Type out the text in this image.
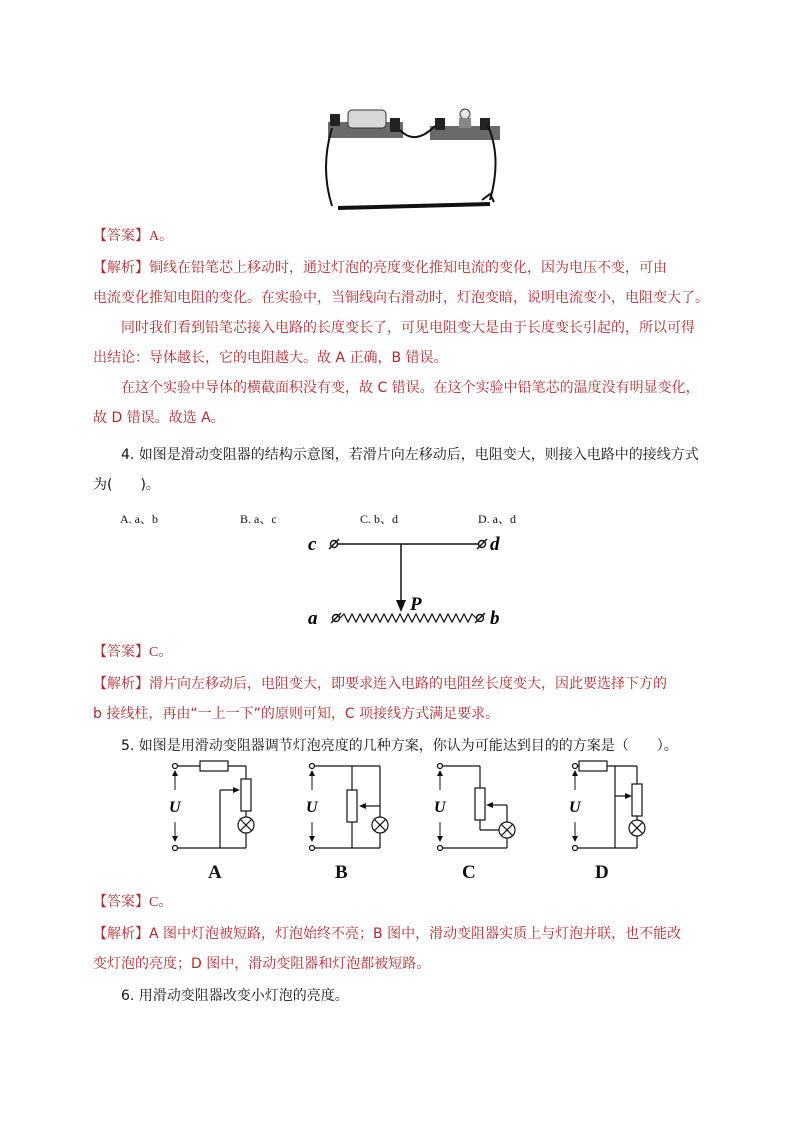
【答案】A。
【解析】铜线在铅笔芯上移动时，通过灯泡的亮度变化推知电流的变化，因为电压不变，可由
电流变化推知电阻的变化。在实验中，当铜线向右滑动时，灯泡变暗，说明电流变小，电阻变大了。
同时我们看到铅笔芯接入电路的长度变长了，可见电阻变大是由于长度变长引起的，所以可得
出结论：导体越长，它的电阻越大。故 A 正确，B 错误。
在这个实验中导体的横截面积没有变，故 C 错误。在这个实验中铅笔芯的温度没有明显变化，
故 D 错误。故选 A。
4. 如图是滑动变阻器的结构示意图，若滑片向左移动后，电阻变大，则接入电路中的接线方式
为(　　)。
A. a、b	B. a、c	C. b、d	D. a、d
c	d
P
a	b
【答案】C。
【解析】滑片向左移动后，电阻变大，即要求连入电路的电阻丝长度变大，因此要选择下方的
b 接线柱，再由“一上一下”的原则可知，C 项接线方式满足要求。
5. 如图是用滑动变阻器调节灯泡亮度的几种方案，你认为可能达到目的的方案是（　　）。
U	U	U	U
A	B	C	D
【答案】C。
【解析】A 图中灯泡被短路，灯泡始终不亮；B 图中，滑动变阻器实质上与灯泡并联，也不能改
变灯泡的亮度；D 图中，滑动变阻器和灯泡都被短路。
6. 用滑动变阻器改变小灯泡的亮度。
